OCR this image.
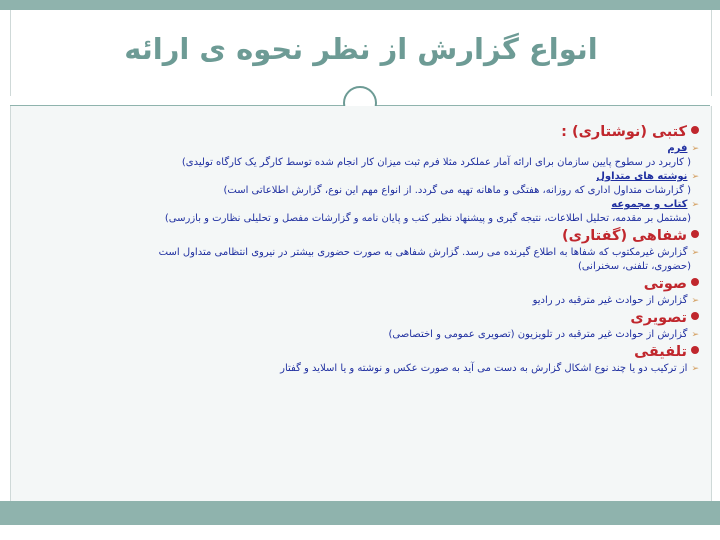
انواع گزارش از نظر نحوه ی ارائه
کتبی (نوشتاری) :
➢فرم
( کاربرد در سطوح پایین سازمان برای ارائه آمار عملکرد مثلا فرم ثبت میزان کار انجام شده توسط کارگر یک کارگاه تولیدی)
➢نوشته های متداول
( گزارشات متداول اداری که روزانه، هفتگی و ماهانه تهیه می گردد. از انواع مهم این نوع، گزارش اطلاعاتی است)
➢کتاب و مجموعه
(مشتمل بر مقدمه، تحلیل اطلاعات، نتیجه گیری و پیشنهاد نظیر کتب و پایان نامه و گزارشات مفصل و تحلیلی نظارت و بازرسی)
شفاهی (گفتاری)
➢گزارش غیرمکتوب که شفاها به اطلاع گیرنده می رسد. گزارش شفاهی به صورت حضوری بیشتر در نیروی انتظامی متداول است
(حضوری، تلفنی، سخنرانی)
صوتی
➢گزارش از حوادث غیر مترقبه در رادیو
تصویری
➢گزارش از حوادث غیر مترقبه در تلویزیون (تصویری عمومی و اختصاصی)
تلفیقی
➢از ترکیب دو یا چند نوع اشکال گزارش به دست می آید به صورت عکس و نوشته و یا اسلاید و گفتار
